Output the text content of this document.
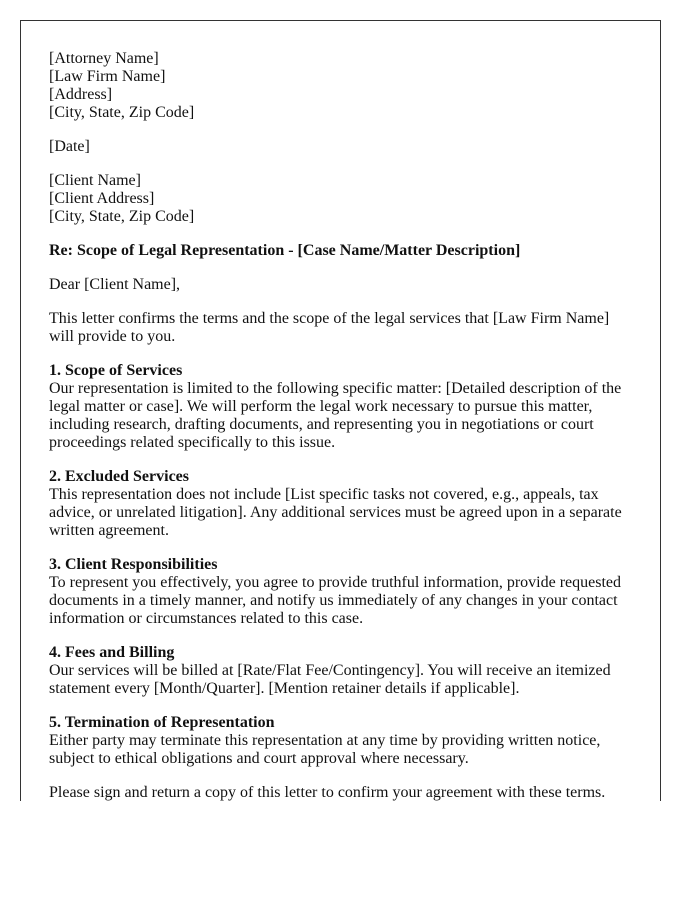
[Attorney Name]
[Law Firm Name]
[Address]
[City, State, Zip Code]

[Date]

[Client Name]
[Client Address]
[City, State, Zip Code]

Re: Scope of Legal Representation - [Case Name/Matter Description]

Dear [Client Name],

This letter confirms the terms and the scope of the legal services that [Law Firm Name] will provide to you.

1. Scope of Services
Our representation is limited to the following specific matter: [Detailed description of the legal matter or case]. We will perform the legal work necessary to pursue this matter, including research, drafting documents, and representing you in negotiations or court proceedings related specifically to this issue.

2. Excluded Services
This representation does not include [List specific tasks not covered, e.g., appeals, tax advice, or unrelated litigation]. Any additional services must be agreed upon in a separate written agreement.

3. Client Responsibilities
To represent you effectively, you agree to provide truthful information, provide requested documents in a timely manner, and notify us immediately of any changes in your contact information or circumstances related to this case.

4. Fees and Billing
Our services will be billed at [Rate/Flat Fee/Contingency]. You will receive an itemized statement every [Month/Quarter]. [Mention retainer details if applicable].

5. Termination of Representation
Either party may terminate this representation at any time by providing written notice, subject to ethical obligations and court approval where necessary.

Please sign and return a copy of this letter to confirm your agreement with these terms.
